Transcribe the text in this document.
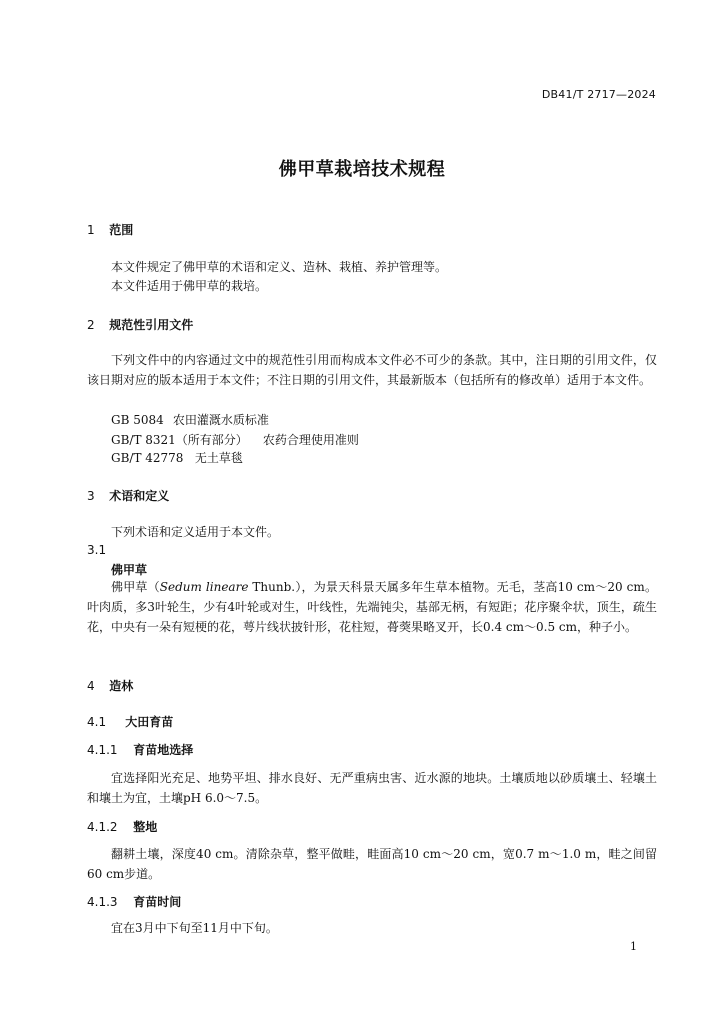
DB41/T 2717—2024
佛甲草栽培技术规程
1 范围
本文件规定了佛甲草的术语和定义、造林、栽植、养护管理等。
本文件适用于佛甲草的栽培。
2 规范性引用文件
下列文件中的内容通过文中的规范性引用而构成本文件必不可少的条款。其中，注日期的引用文件，仅该日期对应的版本适用于本文件；不注日期的引用文件，其最新版本（包括所有的修改单）适用于本文件。
GB 5084 农田灌溉水质标准
GB/T 8321（所有部分） 农药合理使用准则
GB/T 42778 无土草毯
3 术语和定义
下列术语和定义适用于本文件。
3.1
佛甲草
佛甲草（Sedum lineare Thunb.），为景天科景天属多年生草本植物。无毛，茎高10 cm～20 cm。叶肉质，多3叶轮生，少有4叶轮或对生，叶线性，先端钝尖，基部无柄，有短距；花序聚伞状，顶生，疏生花，中央有一朵有短梗的花，萼片线状披针形，花柱短，蓇葖果略叉开，长0.4 cm～0.5 cm，种子小。
4 造林
4.1 大田育苗
4.1.1 育苗地选择
宜选择阳光充足、地势平坦、排水良好、无严重病虫害、近水源的地块。土壤质地以砂质壤土、轻壤土和壤土为宜，土壤pH 6.0～7.5。
4.1.2 整地
翻耕土壤，深度40 cm。清除杂草，整平做畦，畦面高10 cm～20 cm，宽0.7 m～1.0 m，畦之间留60 cm步道。
4.1.3 育苗时间
宜在3月中下旬至11月中下旬。
1
